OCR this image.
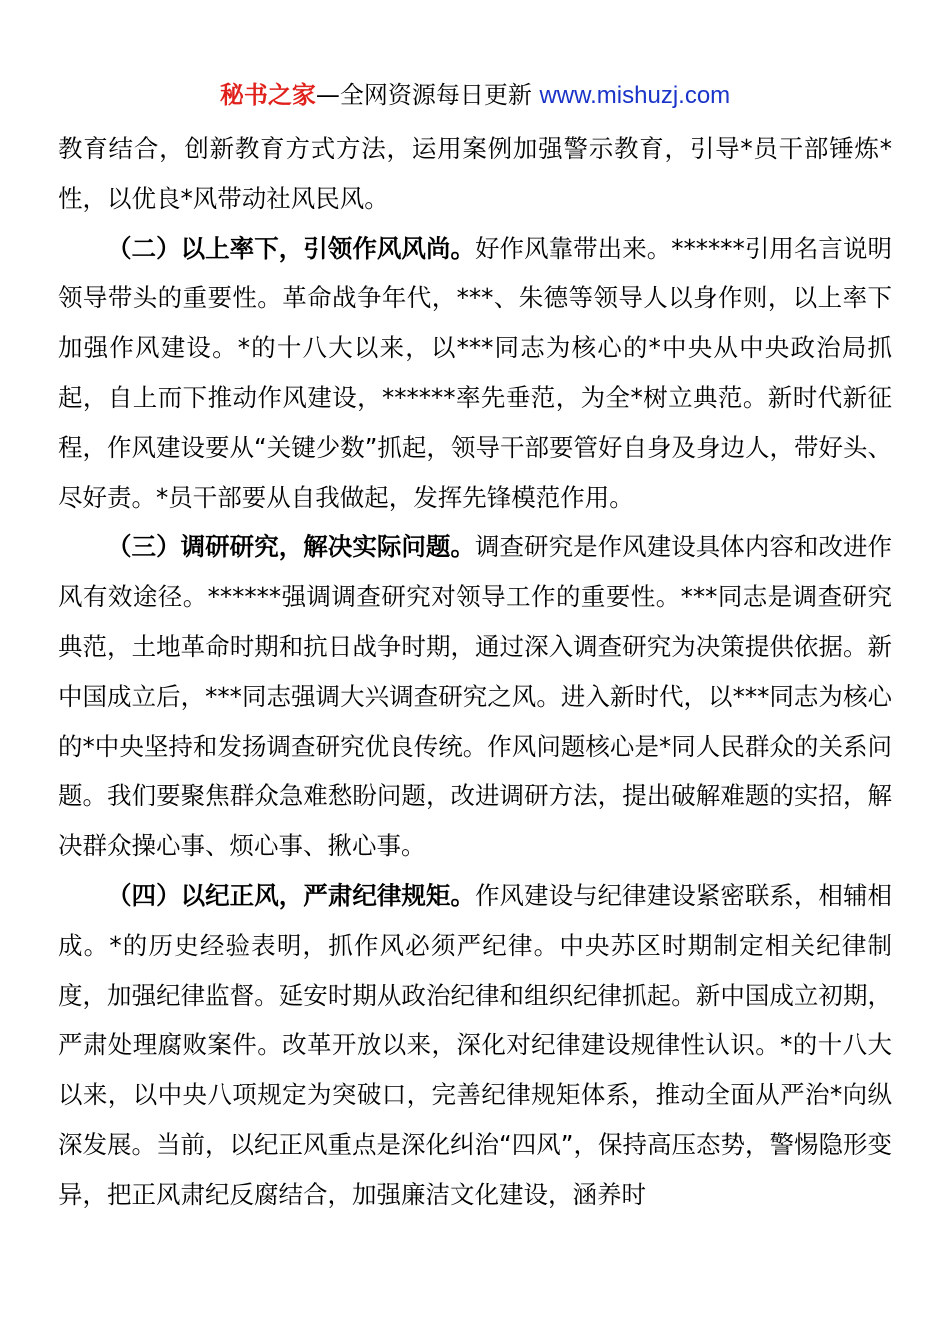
秘书之家—全网资源每日更新 www.mishuzj.com

教育结合，创新教育方式方法，运用案例加强警示教育，引导*员干部锤炼*性，以优良*风带动社风民风。

（二）以上率下，引领作风风尚。好作风靠带出来。******引用名言说明领导带头的重要性。革命战争年代，***、朱德等领导人以身作则，以上率下加强作风建设。*的十八大以来，以***同志为核心的*中央从中央政治局抓起，自上而下推动作风建设，******率先垂范，为全*树立典范。新时代新征程，作风建设要从“关键少数”抓起，领导干部要管好自身及身边人，带好头、尽好责。*员干部要从自我做起，发挥先锋模范作用。

（三）调研研究，解决实际问题。调查研究是作风建设具体内容和改进作风有效途径。******强调调查研究对领导工作的重要性。***同志是调查研究典范，土地革命时期和抗日战争时期，通过深入调查研究为决策提供依据。新中国成立后，***同志强调大兴调查研究之风。进入新时代，以***同志为核心的*中央坚持和发扬调查研究优良传统。作风问题核心是*同人民群众的关系问题。我们要聚焦群众急难愁盼问题，改进调研方法，提出破解难题的实招，解决群众操心事、烦心事、揪心事。

（四）以纪正风，严肃纪律规矩。作风建设与纪律建设紧密联系，相辅相成。*的历史经验表明，抓作风必须严纪律。中央苏区时期制定相关纪律制度，加强纪律监督。延安时期从政治纪律和组织纪律抓起。新中国成立初期，严肃处理腐败案件。改革开放以来，深化对纪律建设规律性认识。*的十八大以来，以中央八项规定为突破口，完善纪律规矩体系，推动全面从严治*向纵深发展。当前，以纪正风重点是深化纠治“四风”，保持高压态势，警惕隐形变异，把正风肃纪反腐结合，加强廉洁文化建设，涵养时
